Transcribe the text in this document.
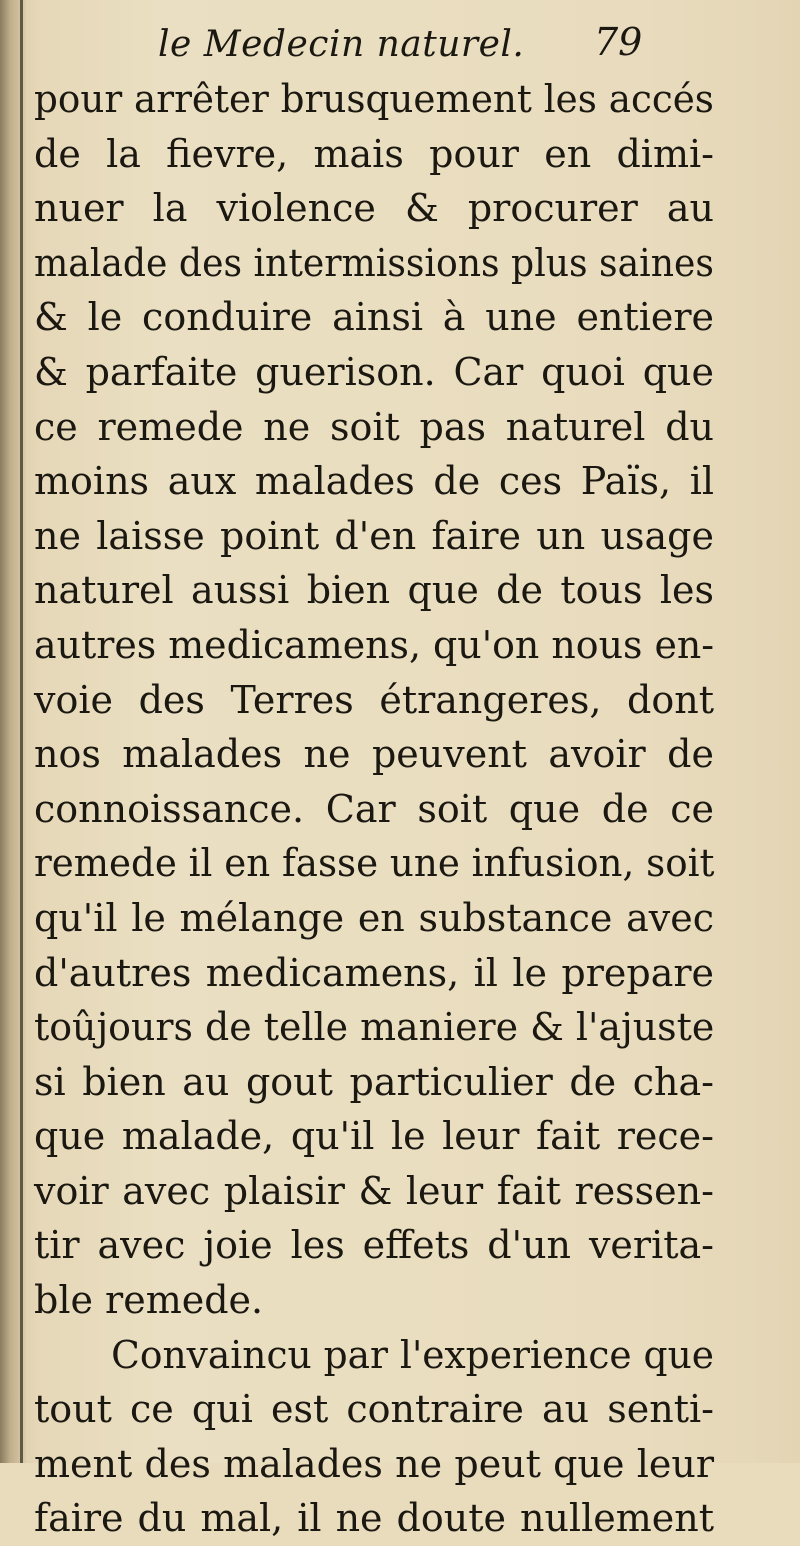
le Medecin naturel. 79
pour arrêter brusquement les accés
de la fievre, mais pour en dimi-
nuer la violence & procurer au
malade des intermissions plus saines
& le conduire ainsi à une entiere
& parfaite guerison. Car quoi que
ce remede ne soit pas naturel du
moins aux malades de ces Païs, il
ne laisse point d'en faire un usage
naturel aussi bien que de tous les
autres medicamens, qu'on nous en-
voie des Terres étrangeres, dont
nos malades ne peuvent avoir de
connoissance. Car soit que de ce
remede il en fasse une infusion, soit
qu'il le mélange en substance avec
d'autres medicamens, il le prepare
toûjours de telle maniere & l'ajuste
si bien au gout particulier de cha-
que malade, qu'il le leur fait rece-
voir avec plaisir & leur fait ressen-
tir avec joie les effets d'un verita-
ble remede.
Convaincu par l'experience que
tout ce qui est contraire au senti-
ment des malades ne peut que leur
faire du mal, il ne doute nullement
